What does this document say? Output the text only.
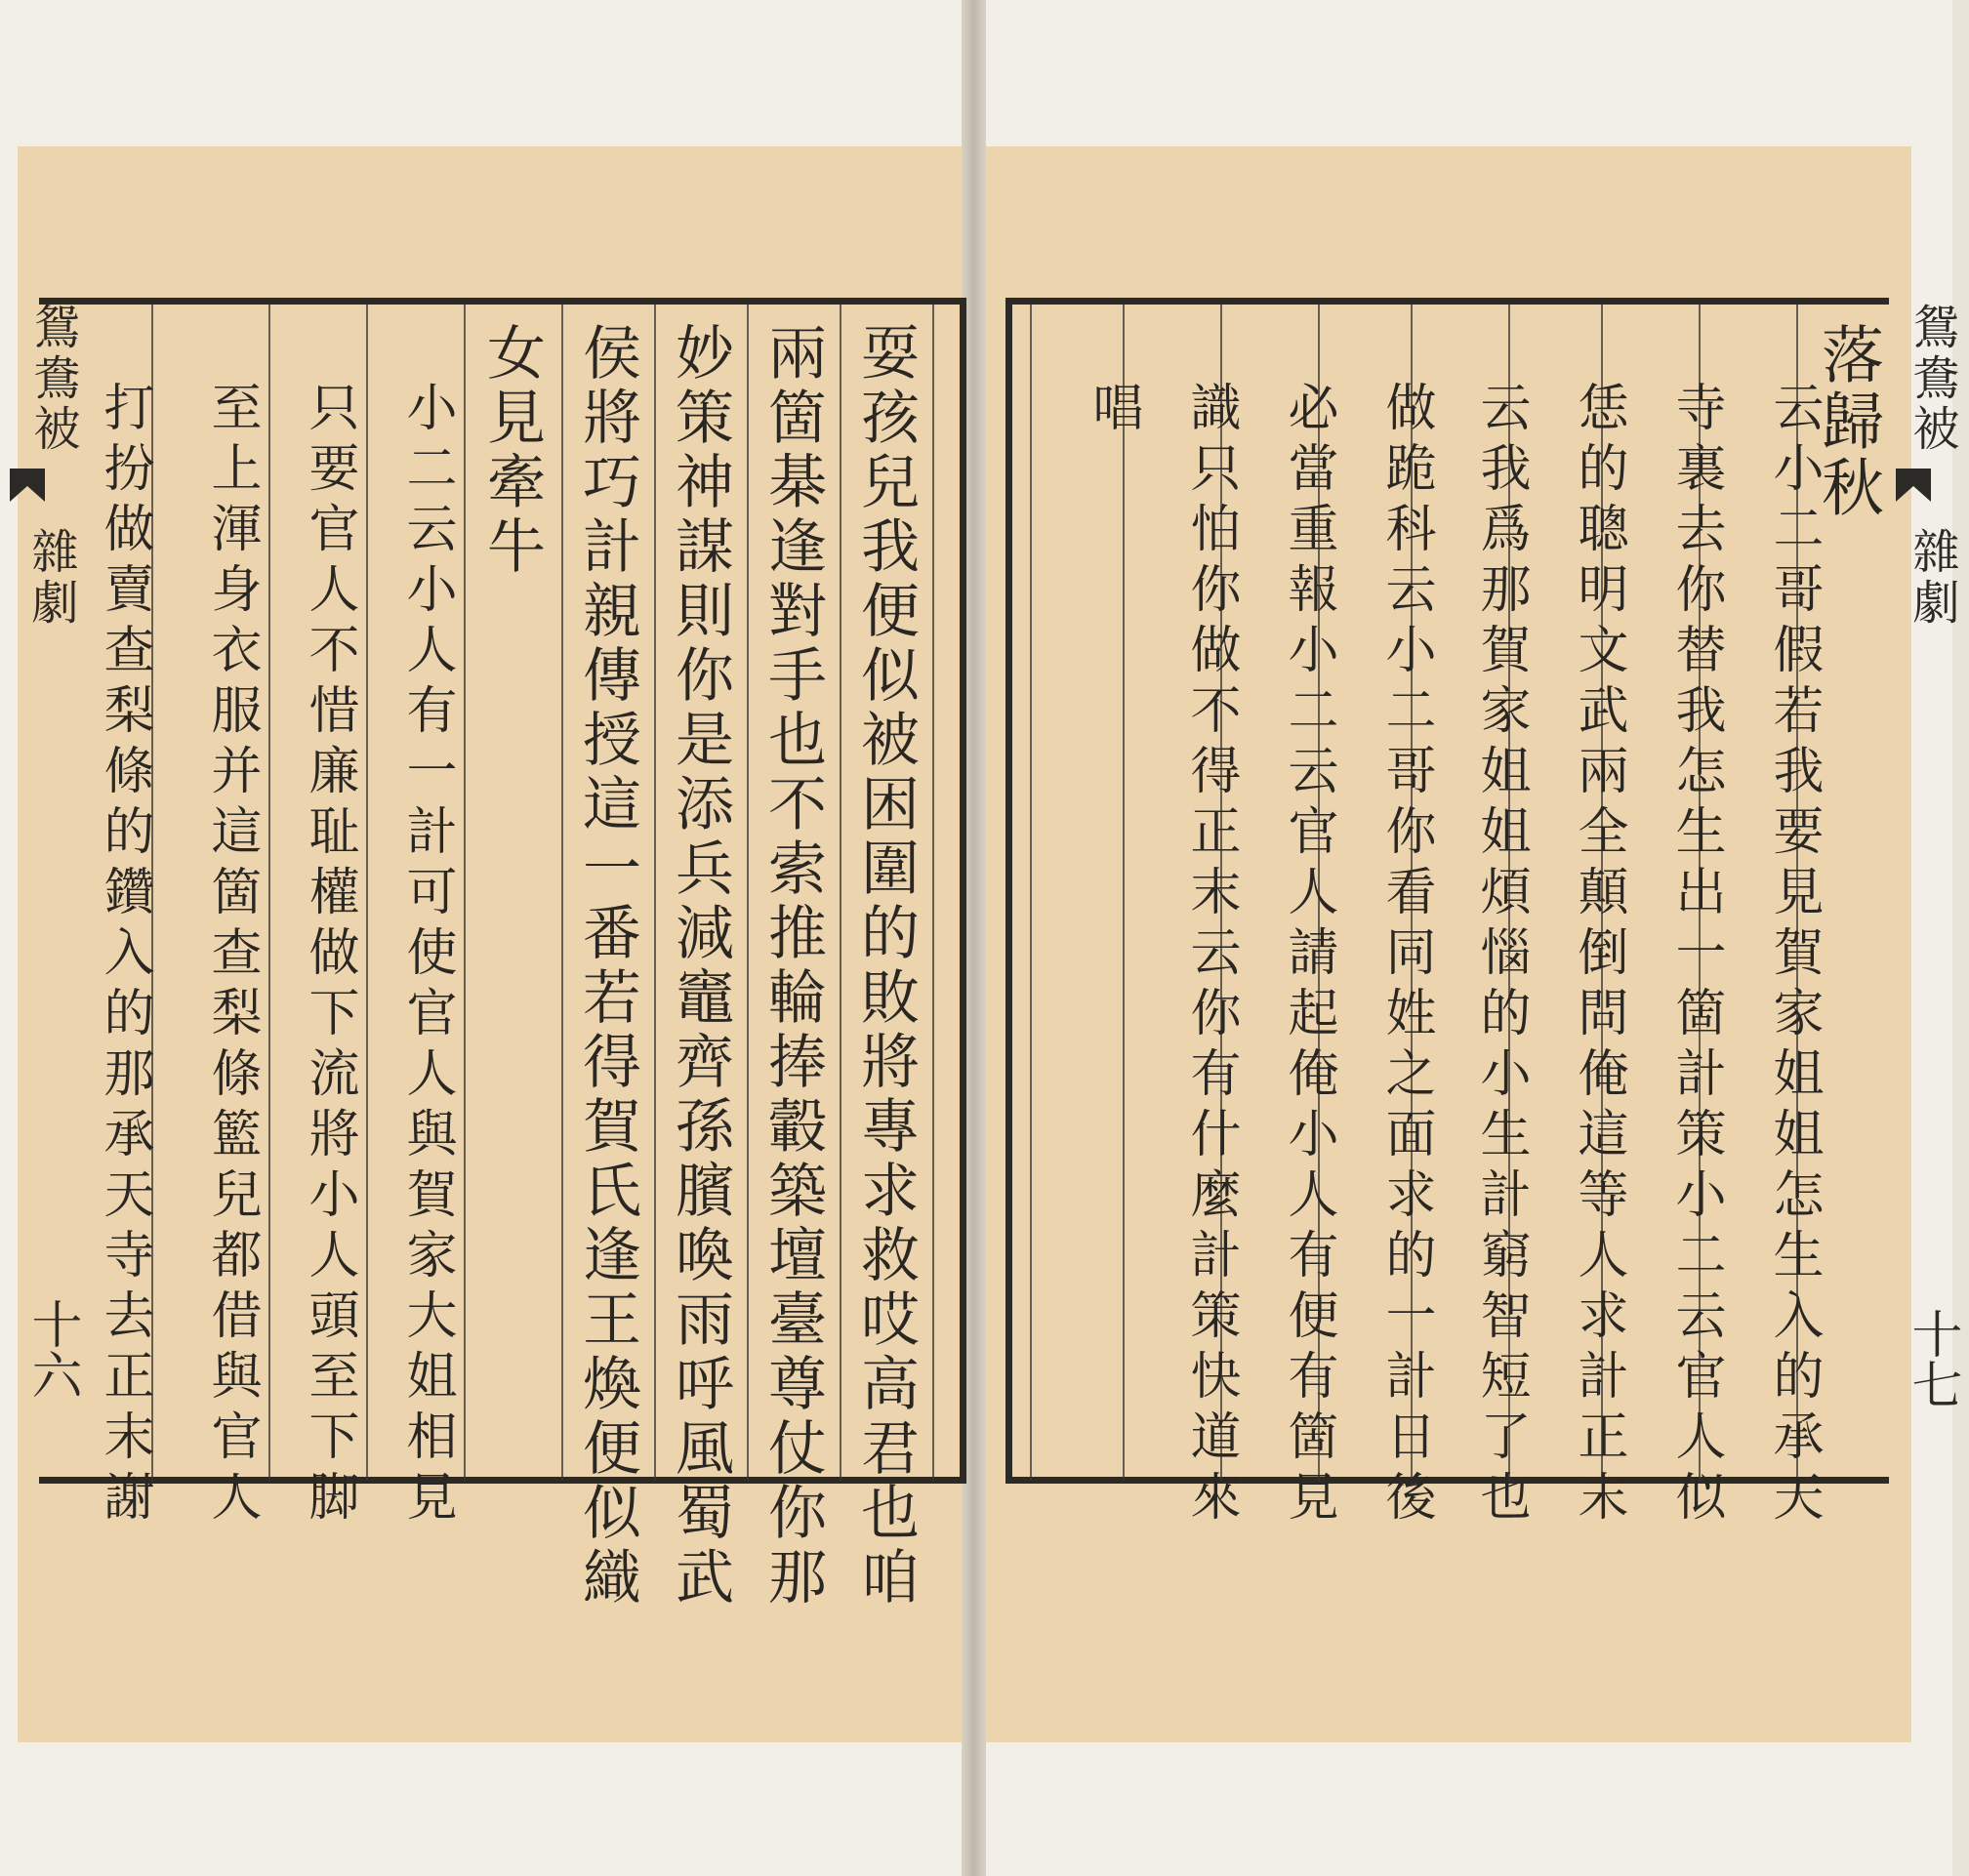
耍孩兒我便似被困圍的敗將專求救哎高君也咱
兩箇棊逢對手也不索推輪捧轂築壇臺尊仗你那
妙策神謀則你是添兵減竈齊孫臏喚雨呼風蜀武
侯將巧計親傳授這一番若得賀氏逢王煥便似織
女見牽牛
小二云小人有一計可使官人與賀家大姐相見
只要官人不惜廉耻權做下流將小人頭至下脚
至上渾身衣服并這箇查梨條籃兒都借與官人
打扮做賣查梨條的鑽入的那承天寺去正末謝
鴛鴦被
雜劇
十六
落歸秋
云小二哥假若我要見賀家姐姐怎生入的承天
寺裏去你替我怎生出一箇計策小二云官人似
恁的聰明文武兩全顛倒問俺這等人求計正末
云我爲那賀家姐姐煩惱的小生計窮智短了也
做跪科云小二哥你看同姓之面求的一計日後
必當重報小二云官人請起俺小人有便有箇見
識只怕你做不得正末云你有什麼計策快道來
唱	鴛鴦被
雜劇
十七
